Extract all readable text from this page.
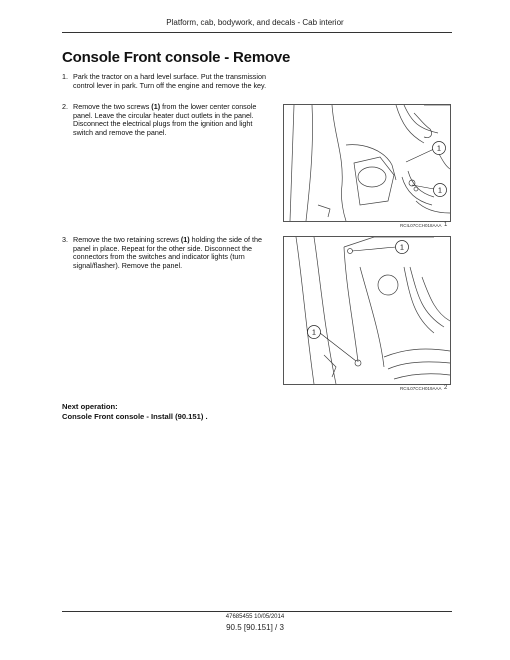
Platform, cab, bodywork, and decals - Cab interior
Console Front console - Remove
1. Park the tractor on a hard level surface. Put the transmission control lever in park. Turn off the engine and remove the key.
2. Remove the two screws (1) from the lower center console panel. Leave the circular heater duct outlets in the panel. Disconnect the electrical plugs from the ignition and light switch and remove the panel.
1
1
RCIL07CCH018AAA 1
3. Remove the two retaining screws (1) holding the side of the panel in place. Repeat for the other side. Disconnect the connectors from the switches and indicator lights (turn signal/flasher). Remove the panel.
1
1
RCIL07CCH019AAA 2
Next operation:
Console Front console - Install (90.151) .
47685455 10/05/2014
90.5 [90.151] / 3
